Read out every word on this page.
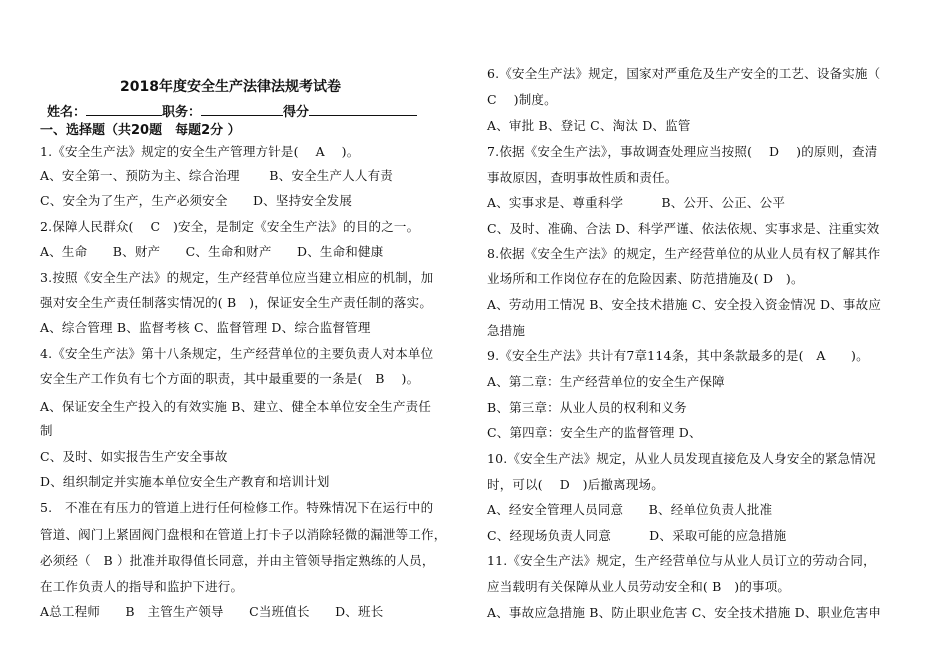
2018年度安全生产法律法规考试卷
姓名：	职务：	得分
一、选择题（共20题　每题2分 ）
1.《安全生产法》规定的安全生产管理方针是(　 A　 )。
A、安全第一、预防为主、综合治理　　 B、安全生产人人有责
C、安全为了生产，生产必须安全　　D、坚持安全发展
2.保障人民群众(　 C　)安全，是制定《安全生产法》的目的之一。
A、生命　　B、财产　　C、生命和财产　　D、生命和健康
3.按照《安全生产法》的规定，生产经营单位应当建立相应的机制，加
强对安全生产责任制落实情况的( B　)，保证安全生产责任制的落实。
A、综合管理 B、监督考核 C、监督管理 D、综合监督管理
4.《安全生产法》第十八条规定，生产经营单位的主要负责人对本单位
安全生产工作负有七个方面的职责，其中最重要的一条是(　B　 )。
A、保证安全生产投入的有效实施 B、建立、健全本单位安全生产责任
制
C、及时、如实报告生产安全事故
D、组织制定并实施本单位安全生产教育和培训计划
5.　不准在有压力的管道上进行任何检修工作。特殊情况下在运行中的
管道、阀门上紧固阀门盘根和在管道上打卡子以消除轻微的漏泄等工作，
必须经（　B ）批准并取得值长同意，并由主管领导指定熟练的人员，
在工作负责人的指导和监护下进行。
A总工程师　　B　主管生产领导　　C当班值长　　D、班长
6.《安全生产法》规定，国家对严重危及生产安全的工艺、设备实施（
C　 )制度。
A、审批 B、登记 C、淘汰 D、监管
7.依据《安全生产法》，事故调查处理应当按照(　 D　 )的原则，查清
事故原因，查明事故性质和责任。
A、实事求是、尊重科学　　　B、公开、公正、公平
C、及时、准确、合法 D、科学严谨、依法依规、实事求是、注重实效
8.依据《安全生产法》的规定，生产经营单位的从业人员有权了解其作
业场所和工作岗位存在的危险因素、防范措施及( D　)。
A、劳动用工情况 B、安全技术措施 C、安全投入资金情况 D、事故应
急措施
9.《安全生产法》共计有7章114条，其中条款最多的是(　A　　)。
A、第二章：生产经营单位的安全生产保障
B、第三章：从业人员的权利和义务
C、第四章：安全生产的监督管理 D、
10.《安全生产法》规定，从业人员发现直接危及人身安全的紧急情况
时，可以(　 D　)后撤离现场。
A、经安全管理人员同意　　B、经单位负责人批准
C、经现场负责人同意　　　D、采取可能的应急措施
11.《安全生产法》规定，生产经营单位与从业人员订立的劳动合同，
应当载明有关保障从业人员劳动安全和( B　)的事项。
A、事故应急措施 B、防止职业危害 C、安全技术措施 D、职业危害申
